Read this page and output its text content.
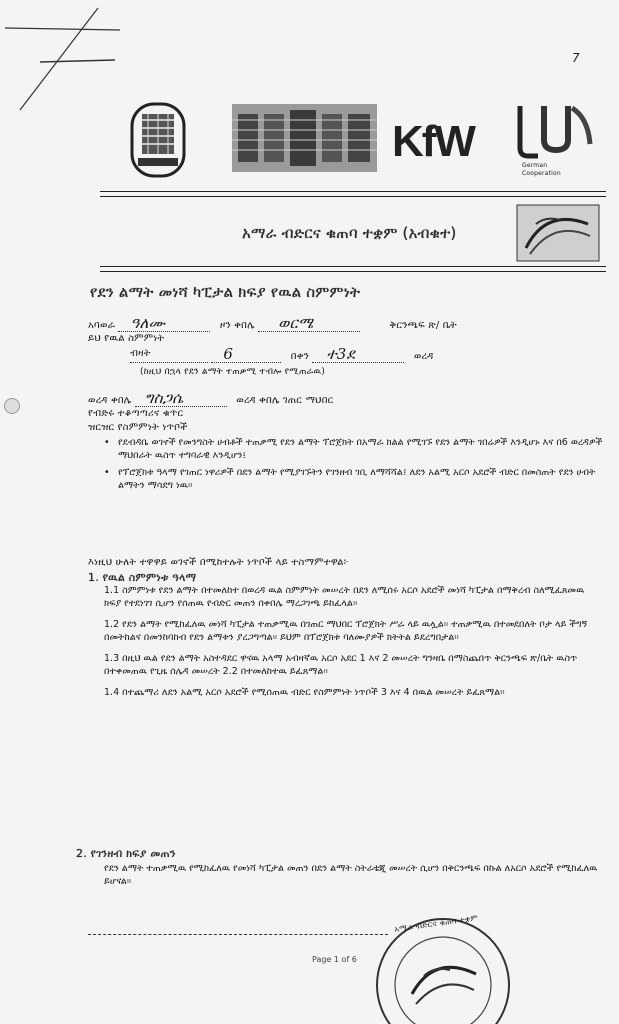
7
KfW	German Cooperation
አማራ ብድርና ቁጠባ ተቋም (አብቁተ)
የደን ልማት መነሻ ካፒታል ክፍያ የዉል ስምምነት
አባወራ ዓለሙ	ዞን ቀበሌ ወርሜ	ቅርንጫፍ ጽ/ ቤት
ይህ የዉል ስምምነት
ብዛት	6	በቀን ተ3ደ	ወረዳ
(ከዚህ በኋላ የደን ልማት ተጠቃሚ ተብሎ የሚጠራዉ)
ወረዳ ቀበሌ ግስጋሴ	ወረዳ ቀበሌ ገጠር ማህበር
የብድሩ ተቆጣጣሪና ቁጥር
ዝርዝር የስምምነት ነጥቦች
• የደብዳቤ ወገኖች የመንግስት ሀብቶች ተጠቃሚ የደን ልማት ፕሮጀክት በአማራ ክልል የሚገኙ የደን ልማት ገበሬዎች እንዲሆኑ እና በ6 ወረዳዎች ማህበራት ዉስጥ ተግባራዊ እንዲሆን፤
• የፕሮጀክቱ ዓላማ የገጠር ነዋሪዎች በደን ልማት የሚያገኙትን የገንዘብ ገቢ ለማሻሻል፤ ለደን አልሚ አርሶ አደሮች ብድር በመስጠት የደን ሀብት ልማትን ማሳደግ ነዉ።
እነዚህ ሁለት ተዋዋይ ወገኖች በሚከተሉት ነጥቦች ላይ ተስማምተዋል፦
1. የዉል ስምምነቱ ዓላማ
1.1 ስምምነቱ የደን ልማት በተመለከተ በወረዳ ዉል ስምምነት መሠረት በደን ለሚሰሩ አርሶ አደሮች መነሻ ካፒታል በማቅረብ ስለሚፈጸመዉ ክፍያ የተደነገገ ሲሆን የሰጠዉ የብድር መጠን በቀበሌ ማረጋገጫ ይከፈላል።
1.2 የደን ልማት የሚከፈለዉ መነሻ ካፒታል ተጠቃሚዉ በገጠር ማህበር ፕሮጀክት ሥራ ላይ ዉሏል። ተጠቃሚዉ በተመደበለት ቦታ ላይ ችግኝ በመትከልና በመንከባከብ የደን ልማቱን ያረጋግጣል። ይህም በፕሮጀክቱ ባለሙያዎች ክትትል ይደረግበታል።
1.3 በዚህ ዉል የደን ልማት አስተዳደር ዋናዉ አላማ አብዛኛዉ አርሶ አደር 1 እና 2 መሠረት ግንዛቤ በማስጨበጥ ቅርንጫፍ ጽ/ቤት ዉስጥ በተቀመጠዉ የጊዜ ሰሌዳ መሠረት 2.2 በተመለከተዉ ይፈጸማል።
1.4 በተጨማሪ ለደን አልሚ አርሶ አደሮች የሚሰጠዉ ብድር የስምምነት ነጥቦች 3 እና 4 በዉል መሠረት ይፈጸማል።
2. የገንዘብ ክፍያ መጠን
የደን ልማት ተጠቃሚዉ የሚከፈለዉ የመነሻ ካፒታል መጠን በደን ልማት ስትራቴጂ መሠረት ሲሆን በቅርንጫፍ በኩል ለአርሶ አደሮች የሚከፈለዉ ይሆናል።
Page 1 of 6
አማራ ብድርና ቁጠባ ተቋም
